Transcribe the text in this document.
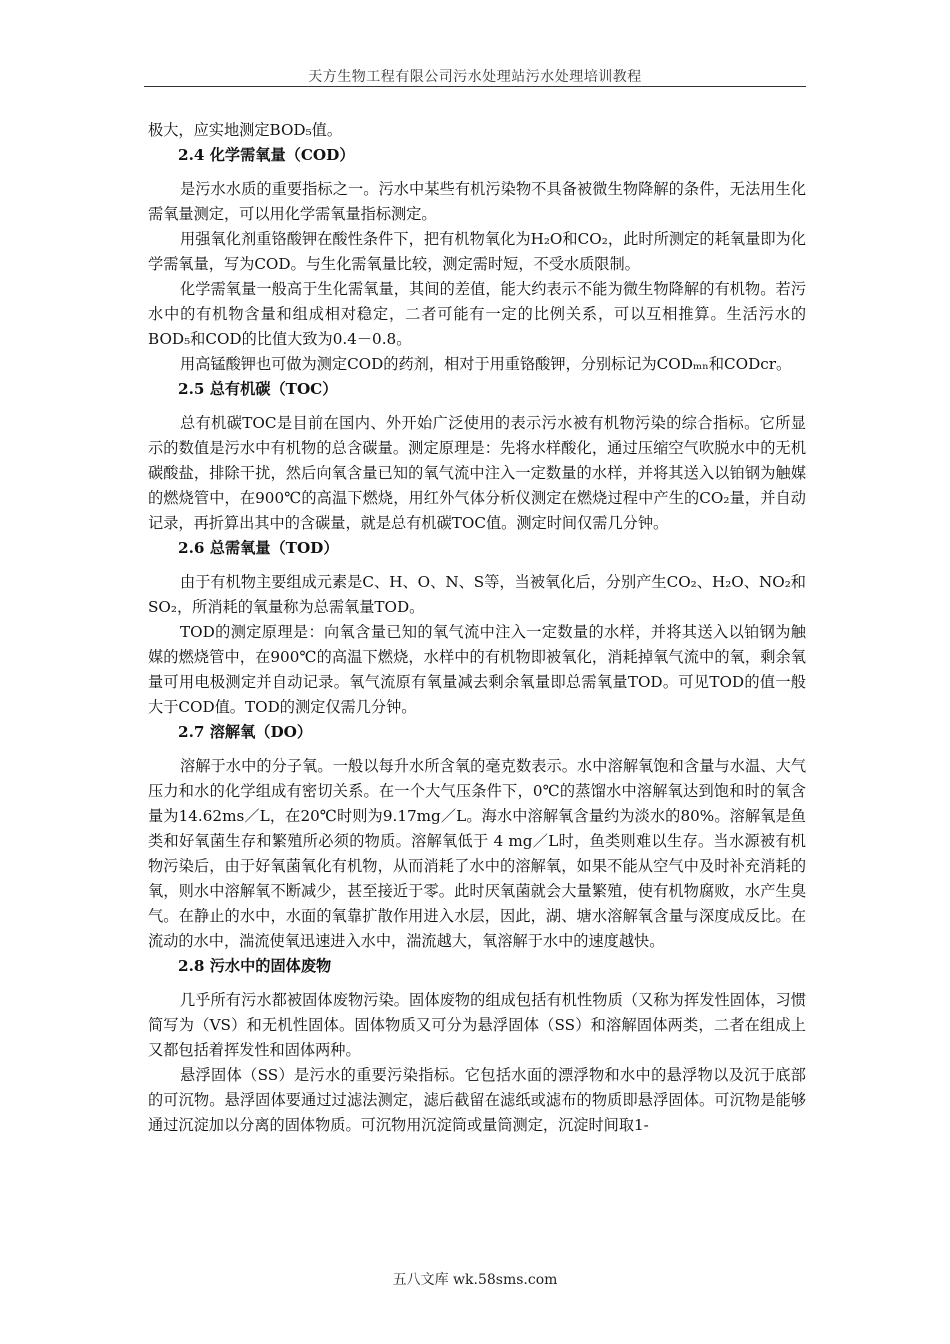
天方生物工程有限公司污水处理站污水处理培训教程

极大，应实地测定BOD₅值。

2.4 化学需氧量（COD）

是污水水质的重要指标之一。污水中某些有机污染物不具备被微生物降解的条件，无法用生化需氧量测定，可以用化学需氧量指标测定。

用强氧化剂重铬酸钾在酸性条件下，把有机物氧化为H₂O和CO₂，此时所测定的耗氧量即为化学需氧量，写为COD。与生化需氧量比较，测定需时短，不受水质限制。

化学需氧量一般高于生化需氧量，其间的差值，能大约表示不能为微生物降解的有机物。若污水中的有机物含量和组成相对稳定，二者可能有一定的比例关系，可以互相推算。生活污水的BOD₅和COD的比值大致为0.4－0.8。

用高锰酸钾也可做为测定COD的药剂，相对于用重铬酸钾，分别标记为CODₘₙ和CODcr。

2.5 总有机碳（TOC）

总有机碳TOC是目前在国内、外开始广泛使用的表示污水被有机物污染的综合指标。它所显示的数值是污水中有机物的总含碳量。测定原理是：先将水样酸化，通过压缩空气吹脱水中的无机碳酸盐，排除干扰，然后向氧含量已知的氧气流中注入一定数量的水样，并将其送入以铂钢为触媒的燃烧管中，在900℃的高温下燃烧，用红外气体分析仪测定在燃烧过程中产生的CO₂量，并自动记录，再折算出其中的含碳量，就是总有机碳TOC值。测定时间仅需几分钟。

2.6 总需氧量（TOD）

由于有机物主要组成元素是C、H、O、N、S等，当被氧化后，分别产生CO₂、H₂O、NO₂和SO₂，所消耗的氧量称为总需氧量TOD。

TOD的测定原理是：向氧含量已知的氧气流中注入一定数量的水样，并将其送入以铂钢为触媒的燃烧管中，在900℃的高温下燃烧，水样中的有机物即被氧化，消耗掉氧气流中的氧，剩余氧量可用电极测定并自动记录。氧气流原有氧量减去剩余氧量即总需氧量TOD。可见TOD的值一般大于COD值。TOD的测定仅需几分钟。

2.7 溶解氧（DO）

溶解于水中的分子氧。一般以每升水所含氧的毫克数表示。水中溶解氧饱和含量与水温、大气压力和水的化学组成有密切关系。在一个大气压条件下，0℃的蒸馏水中溶解氧达到饱和时的氧含量为14.62ms／L，在20℃时则为9.17mg／L。海水中溶解氧含量约为淡水的80%。溶解氧是鱼类和好氧菌生存和繁殖所必须的物质。溶解氧低于 4 mg／L时，鱼类则难以生存。当水源被有机物污染后，由于好氧菌氧化有机物，从而消耗了水中的溶解氧，如果不能从空气中及时补充消耗的氧，则水中溶解氧不断减少，甚至接近于零。此时厌氧菌就会大量繁殖，使有机物腐败，水产生臭气。在静止的水中，水面的氧靠扩散作用进入水层，因此，湖、塘水溶解氧含量与深度成反比。在流动的水中，湍流使氧迅速进入水中，湍流越大，氧溶解于水中的速度越快。

2.8 污水中的固体废物

几乎所有污水都被固体废物污染。固体废物的组成包括有机性物质（又称为挥发性固体，习惯简写为（VS）和无机性固体。固体物质又可分为悬浮固体（SS）和溶解固体两类，二者在组成上又都包括着挥发性和固体两种。

悬浮固体（SS）是污水的重要污染指标。它包括水面的漂浮物和水中的悬浮物以及沉于底部的可沉物。悬浮固体要通过过滤法测定，滤后截留在滤纸或滤布的物质即悬浮固体。可沉物是能够通过沉淀加以分离的固体物质。可沉物用沉淀筒或量筒测定，沉淀时间取1-

五八文库 wk.58sms.com
